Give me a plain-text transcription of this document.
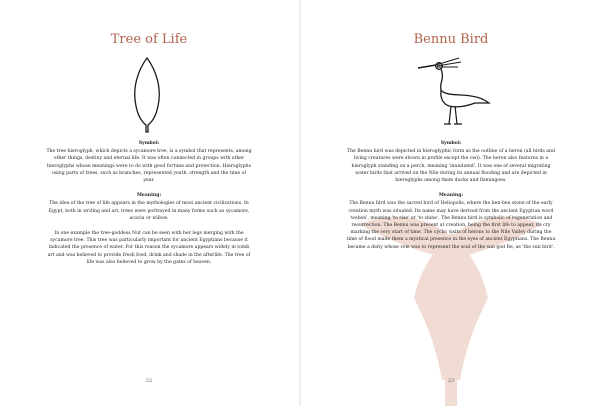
Tree of Life
Symbol:

The tree hieroglyph, which depicts a sycamore tree, is a symbol that represents, among other things, destiny and eternal life. It was often connected in groups with other hieroglyphs whose meanings were to do with good fortune and protection. Hieroglyphs using parts of trees, such as branches, represented youth, strength and the time of year.

Meaning:

The idea of the tree of life appears in the mythologies of most ancient civilizations. In Egypt, both in writing and art, trees were portrayed in many forms such as sycamore, acacia or willow.

In one example the tree-goddess Nut can be seen with her legs merging with the sycamore tree. This tree was particularly important for ancient Egyptians because it indicated the presence of water. For this reason the sycamore appears widely in tomb art and was believed to provide fresh food, drink and shade in the afterlife. The tree of life was also believed to grow by the gates of heaven.

22
Bennu Bird
Symbol:

The Bennu bird was depicted in hieroglyphic form as the outline of a heron (all birds and living creatures were shown in profile except the owl). The heron also features in a hieroglyph standing on a perch, meaning 'inundated'. It was one of several migrating water birds that arrived on the Nile during its annual flooding and are depicted in hieroglyphs among them ducks and flamingoes.

Meaning:

The Bennu bird was the sacred bird of Heliopolis, where the ben-ben stone of the early creation myth was situated. Its name may have derived from the ancient Egyptian word 'weben', meaning 'to rise' or 'to shine'. The Bennu bird is symbolic of regeneration and resurrection. The Bennu was present at creation, being the first life to appear, its cry marking the very start of time. The cyclic visits of herons to the Nile Valley during the time of flood made them a mystical presence in the eyes of ancient Egyptians. The Bennu became a deity whose role was to represent the soul of the sun god Re, as 'the sun bird'.

23
